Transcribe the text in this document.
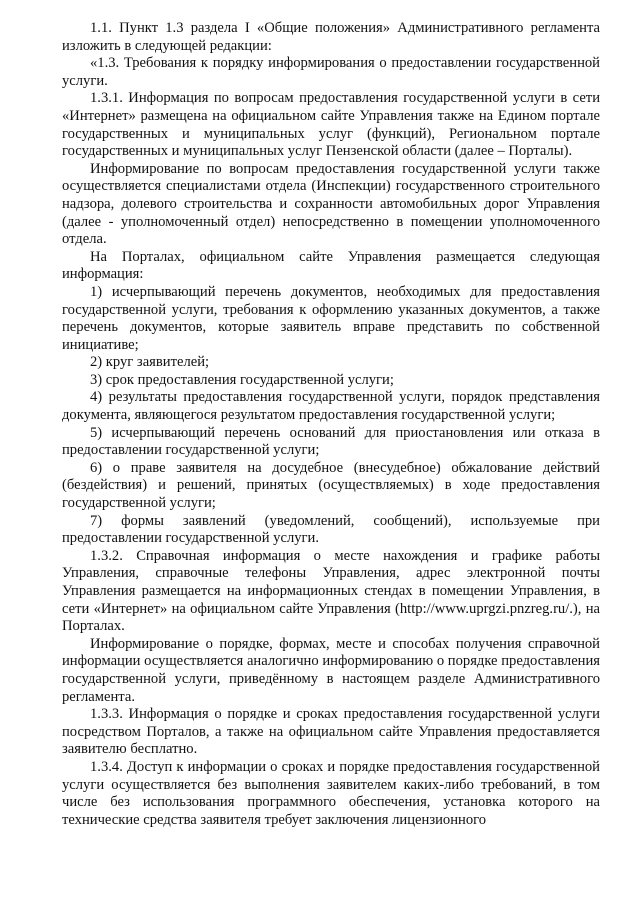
1.1. Пункт 1.3 раздела I «Общие положения» Административного регламента изложить в следующей редакции:

«1.3. Требования к порядку информирования о предоставлении государственной услуги.

1.3.1. Информация по вопросам предоставления государственной услуги в сети «Интернет» размещена на официальном сайте Управления также на Едином портале государственных и муниципальных услуг (функций), Региональном портале государственных и муниципальных услуг Пензенской области (далее – Порталы).

Информирование по вопросам предоставления государственной услуги также осуществляется специалистами отдела (Инспекции) государственного строительного надзора, долевого строительства и сохранности автомобильных дорог Управления (далее - уполномоченный отдел) непосредственно в помещении уполномоченного отдела.

На Порталах, официальном сайте Управления размещается следующая информация:

1) исчерпывающий перечень документов, необходимых для предоставления государственной услуги, требования к оформлению указанных документов, а также перечень документов, которые заявитель вправе представить по собственной инициативе;

2) круг заявителей;

3) срок предоставления государственной услуги;

4) результаты предоставления государственной услуги, порядок представления документа, являющегося результатом предоставления государственной услуги;

5) исчерпывающий перечень оснований для приостановления или отказа в предоставлении государственной услуги;

6) о праве заявителя на досудебное (внесудебное) обжалование действий (бездействия) и решений, принятых (осуществляемых) в ходе предоставления государственной услуги;

7) формы заявлений (уведомлений, сообщений), используемые при предоставлении государственной услуги.

1.3.2. Справочная информация о месте нахождения и графике работы Управления, справочные телефоны Управления, адрес электронной почты Управления размещается на информационных стендах в помещении Управления, в сети «Интернет» на официальном сайте Управления (http://www.uprgzi.pnzreg.ru/.), на Порталах.

Информирование о порядке, формах, месте и способах получения справочной информации осуществляется аналогично информированию о порядке предоставления государственной услуги, приведённому в настоящем разделе Административного регламента.

1.3.3. Информация о порядке и сроках предоставления государственной услуги посредством Порталов, а также на официальном сайте Управления предоставляется заявителю бесплатно.

1.3.4. Доступ к информации о сроках и порядке предоставления государственной услуги осуществляется без выполнения заявителем каких-либо требований, в том числе без использования программного обеспечения, установка которого на технические средства заявителя требует заключения лицензионного
